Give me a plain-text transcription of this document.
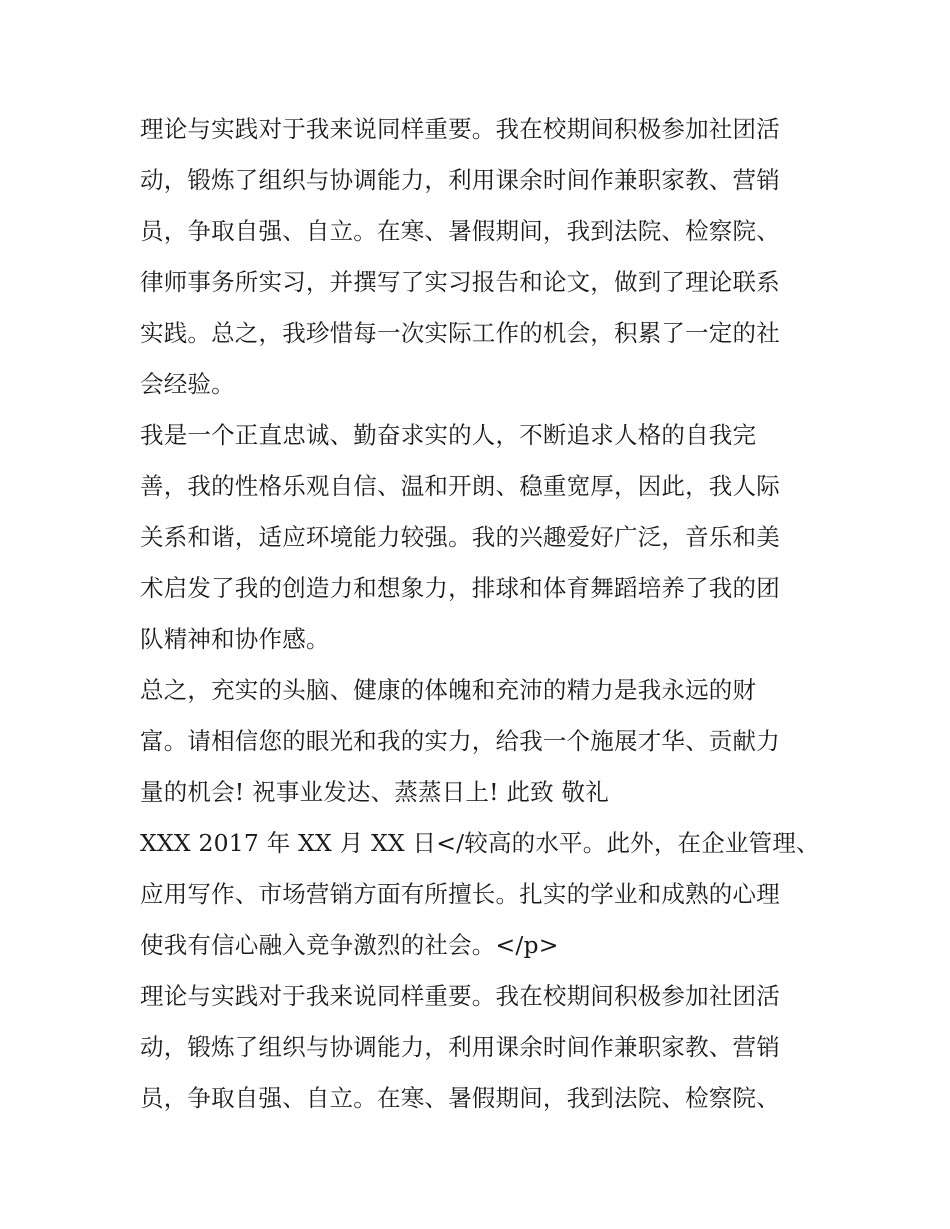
理论与实践对于我来说同样重要。我在校期间积极参加社团活
动，锻炼了组织与协调能力，利用课余时间作兼职家教、营销
员，争取自强、自立。在寒、暑假期间，我到法院、检察院、
律师事务所实习，并撰写了实习报告和论文，做到了理论联系
实践。总之，我珍惜每一次实际工作的机会，积累了一定的社
会经验。
我是一个正直忠诚、勤奋求实的人，不断追求人格的自我完
善，我的性格乐观自信、温和开朗、稳重宽厚，因此，我人际
关系和谐，适应环境能力较强。我的兴趣爱好广泛，音乐和美
术启发了我的创造力和想象力，排球和体育舞蹈培养了我的团
队精神和协作感。
总之，充实的头脑、健康的体魄和充沛的精力是我永远的财
富。请相信您的眼光和我的实力，给我一个施展才华、贡献力
量的机会! 祝事业发达、蒸蒸日上! 此致 敬礼
XXX 2017 年 XX 月 XX 日</较高的水平。此外，在企业管理、
应用写作、市场营销方面有所擅长。扎实的学业和成熟的心理
使我有信心融入竞争激烈的社会。</p>
理论与实践对于我来说同样重要。我在校期间积极参加社团活
动，锻炼了组织与协调能力，利用课余时间作兼职家教、营销
员，争取自强、自立。在寒、暑假期间，我到法院、检察院、
